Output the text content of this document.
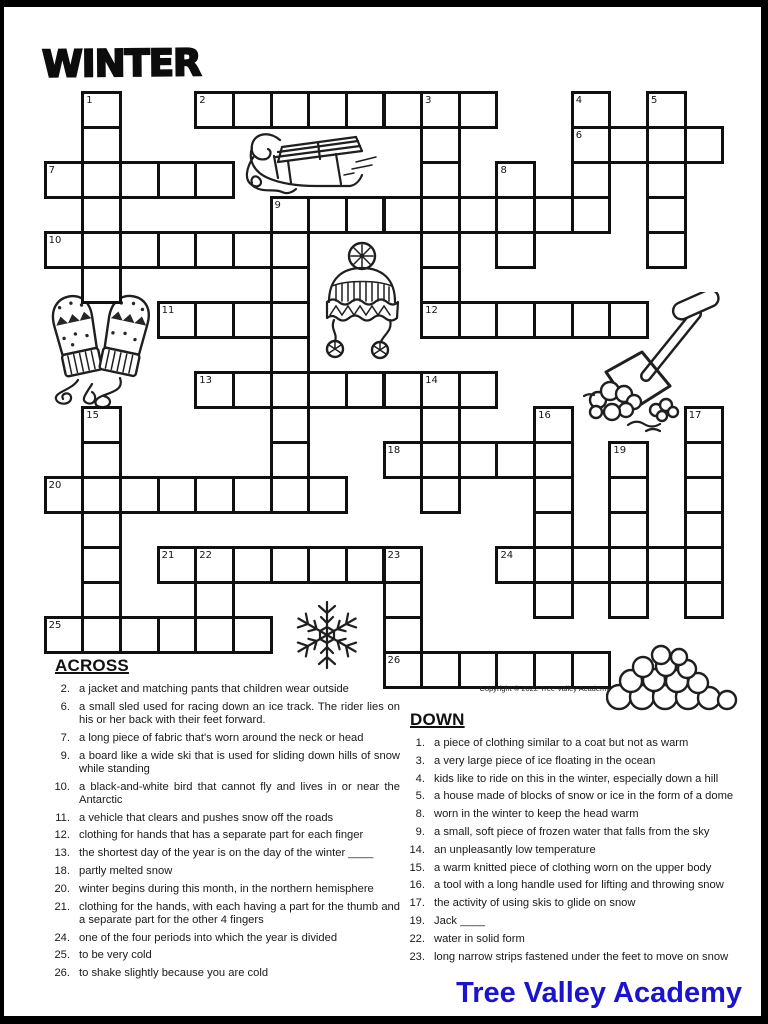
WINTER
2	3
6
7
9
10
11	12
13	14
18
20
21 22	23	24
25
26
1	4	5
8
15	16	17
19
ACROSS
2. a jacket and matching pants that children wear outside
6. a small sled used for racing down an ice track. The rider lies on his or her back with their feet forward.
7. a long piece of fabric that's worn around the neck or head
9. a board like a wide ski that is used for sliding down hills of snow while standing
10. a black-and-white bird that cannot fly and lives in or near the Antarctic
11. a vehicle that clears and pushes snow off the roads
12. clothing for hands that has a separate part for each finger
13. the shortest day of the year is on the day of the winter ____
18. partly melted snow
20. winter begins during this month, in the northern hemisphere
21. clothing for the hands, with each having a part for the thumb and a separate part for the other 4 fingers
24. one of the four periods into which the year is divided
25. to be very cold
26. to shake slightly because you are cold
DOWN
1. a piece of clothing similar to a coat but not as warm
3. a very large piece of ice floating in the ocean
4. kids like to ride on this in the winter, especially down a hill
5. a house made of blocks of snow or ice in the form of a dome
8. worn in the winter to keep the head warm
9. a small, soft piece of frozen water that falls from the sky
14. an unpleasantly low temperature
15. a warm knitted piece of clothing worn on the upper body
16. a tool with a long handle used for lifting and throwing snow
17. the activity of using skis to glide on snow
19. Jack ____
22. water in solid form
23. long narrow strips fastened under the feet to move on snow
Copyright © 2022 Tree Valley Academy
Tree Valley Academy
